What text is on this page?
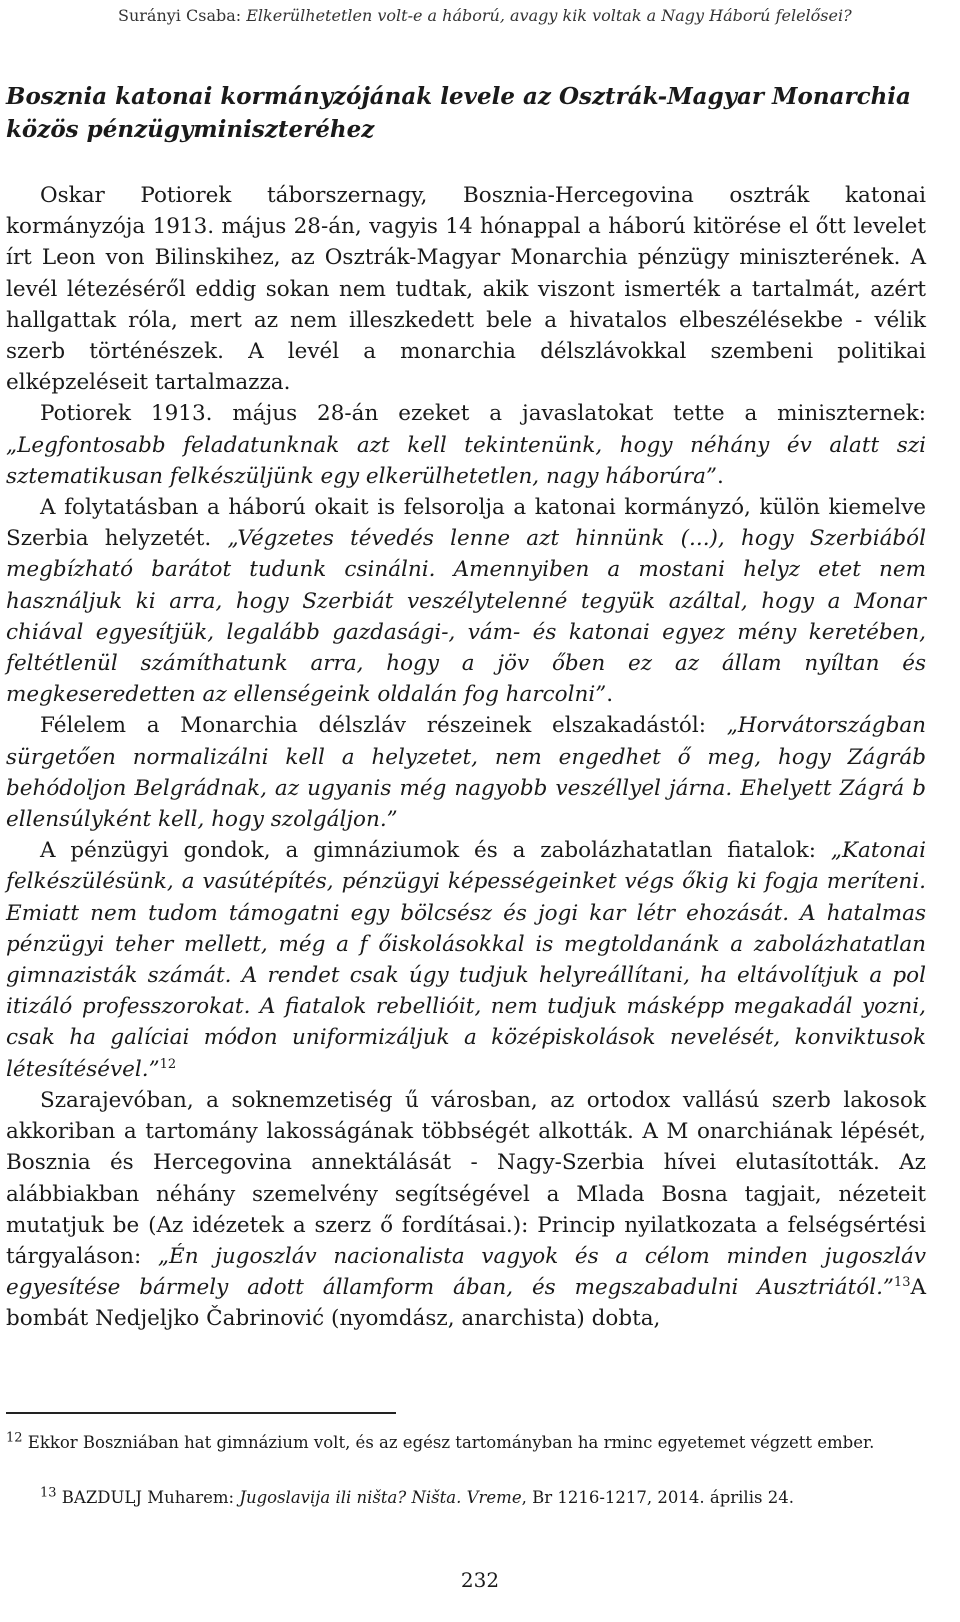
Surányi Csaba: Elkerülhetetlen volt-e a háború, avagy kik voltak a Nagy Háború felelősei?
Bosznia katonai kormányzójának levele az Osztrák-Magyar Monarchia közös pénzügyminiszteréhez

Oskar Potiorek táborszernagy, Bosznia-Hercegovina osztrák katonai kormányzója 1913. május 28-án, vagyis 14 hónappal a háború kitörése el őtt levelet írt Leon von Bilinskihez, az Osztrák-Magyar Monarchia pénzügy miniszterének. A levél létezéséről eddig sokan nem tudtak, akik viszont ismerték a tartalmát, azért hallgattak róla, mert az nem illeszkedett bele a hivatalos elbeszélésekbe - vélik szerb történészek. A levél a monarchia délszlávokkal szembeni politikai elképzeléseit tartalmazza.

Potiorek 1913. május 28-án ezeket a javaslatokat tette a miniszternek: „Legfontosabb feladatunknak azt kell tekintenünk, hogy néhány év alatt szi sztematikusan felkészüljünk egy elkerülhetetlen, nagy háborúra”.

A folytatásban a háború okait is felsorolja a katonai kormányzó, külön kiemelve Szerbia helyzetét. „Végzetes tévedés lenne azt hinnünk (...), hogy Szerbiából megbízható barátot tudunk csinálni. Amennyiben a mostani helyz etet nem használjuk ki arra, hogy Szerbiát veszélytelenné tegyük azáltal, hogy a Monar chiával egyesítjük, legalább gazdasági-, vám- és katonai egyez mény keretében, feltétlenül számíthatunk arra, hogy a jöv őben ez az állam nyíltan és megkeseredetten az ellenségeink oldalán fog harcolni”.

Félelem a Monarchia délszláv részeinek elszakadástól: „Horvátországban sürgetően normalizálni kell a helyzetet, nem engedhet ő meg, hogy Zágráb behódoljon Belgrádnak, az ugyanis még nagyobb veszéllyel járna. Ehelyett Zágrá b ellensúlyként kell, hogy szolgáljon.”

A pénzügyi gondok, a gimnáziumok és a zabolázhatatlan fiatalok: „Katonai felkészülésünk, a vasútépítés, pénzügyi képességeinket végs őkig ki fogja meríteni. Emiatt nem tudom támogatni egy bölcsész és jogi kar létr ehozását. A hatalmas pénzügyi teher mellett, még a f őiskolásokkal is megtoldanánk a zabolázhatatlan gimnazisták számát. A rendet csak úgy tudjuk helyreállítani, ha eltávolítjuk a pol itizáló professzorokat. A fiatalok rebellióit, nem tudjuk másképp megakadál yozni, csak ha galíciai módon uniformizáljuk a középiskolások nevelését, konviktusok létesítésével.”$^{12}$

Szarajevóban, a soknemzetiség ű városban, az ortodox vallású szerb lakosok akkoriban a tartomány lakosságának többségét alkották. A M onarchiának lépését, Bosznia és Hercegovina annektálását - Nagy-Szerbia hívei elutasították. Az alábbiakban néhány szemelvény segítségével a Mlada Bosna tagjait, nézeteit mutatjuk be (Az idézetek a szerz ő fordításai.): Princip nyilatkozata a felségsértési tárgyaláson: „Én jugoszláv nacionalista vagyok és a célom minden jugoszláv egyesítése bármely adott államform ában, és megszabadulni Ausztriától.”$^{13}$A bombát Nedjeljko Čabrinović (nyomdász, anarchista) dobta,

$^{12}$ Ekkor Boszniában hat gimnázium volt, és az egész tartományban ha rminc egyetemet végzett ember.
$^{13}$ BAZDULJ Muharem: Jugoslavija ili ništa? Ništa. Vreme, Br 1216-1217, 2014. április 24.
232
